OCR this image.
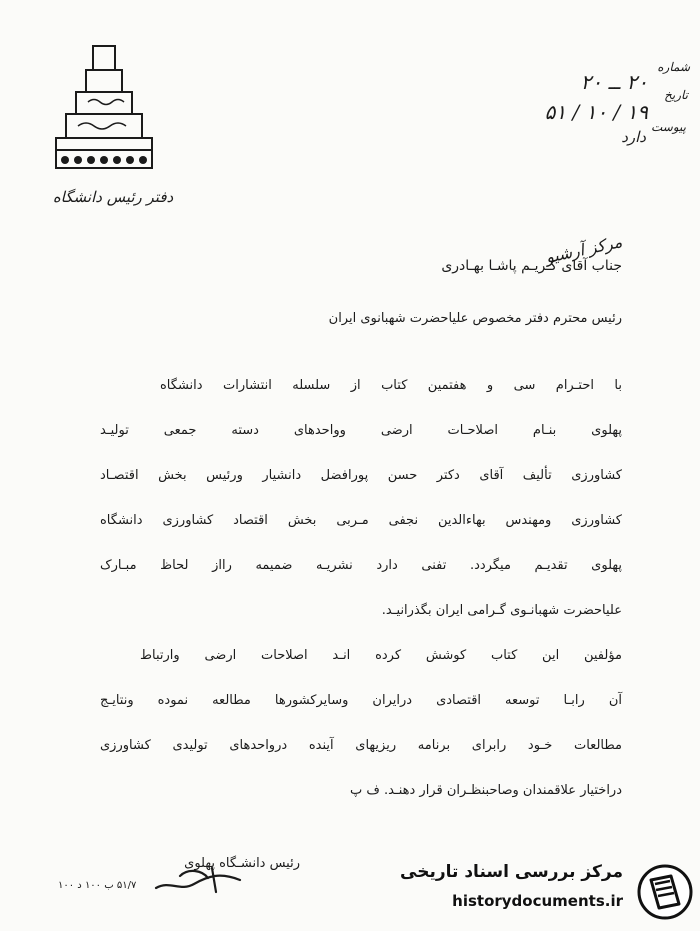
دفتر رئیس دانشگاه
شماره
۲۰ ــ ۲۰
تاریخ
۱۹ / ۱۰ / ۵۱
پیوست
دارد
مرکز آرشیو
جناب آقای کـریـم پاشـا بهـادری
رئیس محترم دفتر مخصوص علیاحضرت شهبانوی ایران
با احتـرام سی و هفتمین کتاب از سلسله انتشارات دانشگاه
پهلوی بنـام اصلاحـات ارضی وواحدهای دسته جمعی تولیـد
کشاورزی تألیف آقای دکتر حسن پورافضل دانشیار ورئیس بخش اقتصـاد
کشاورزی ومهندس بهاءالدین نجفی مـربی بخش اقتصاد کشاورزی دانشگاه
پهلوی تقدیـم میگردد. تفنی دارد نشریـه ضمیمه رااز لحاظ مبـارک
علیاحضرت شهبانـوی گـرامی ایران بگذرانیـد.
مؤلفین این کتاب کوشش کرده انـد اصلاحات ارضی وارتباط
آن رابـا توسعه اقتصادی درایران وسایرکشورها مطالعه نموده ونتایـج
مطالعات خـود رابرای برنامه ریزیهای آینده درواحدهای تولیدی کشاورزی
دراختیار علاقمندان وصاحبنظـران قرار دهنـد. ف پ
رئیس دانشـگاه پهلوی
۵۱/۷ ب ۱۰۰ د ۱۰۰
مرکز بررسی اسناد تاریخی
historydocuments.ir
